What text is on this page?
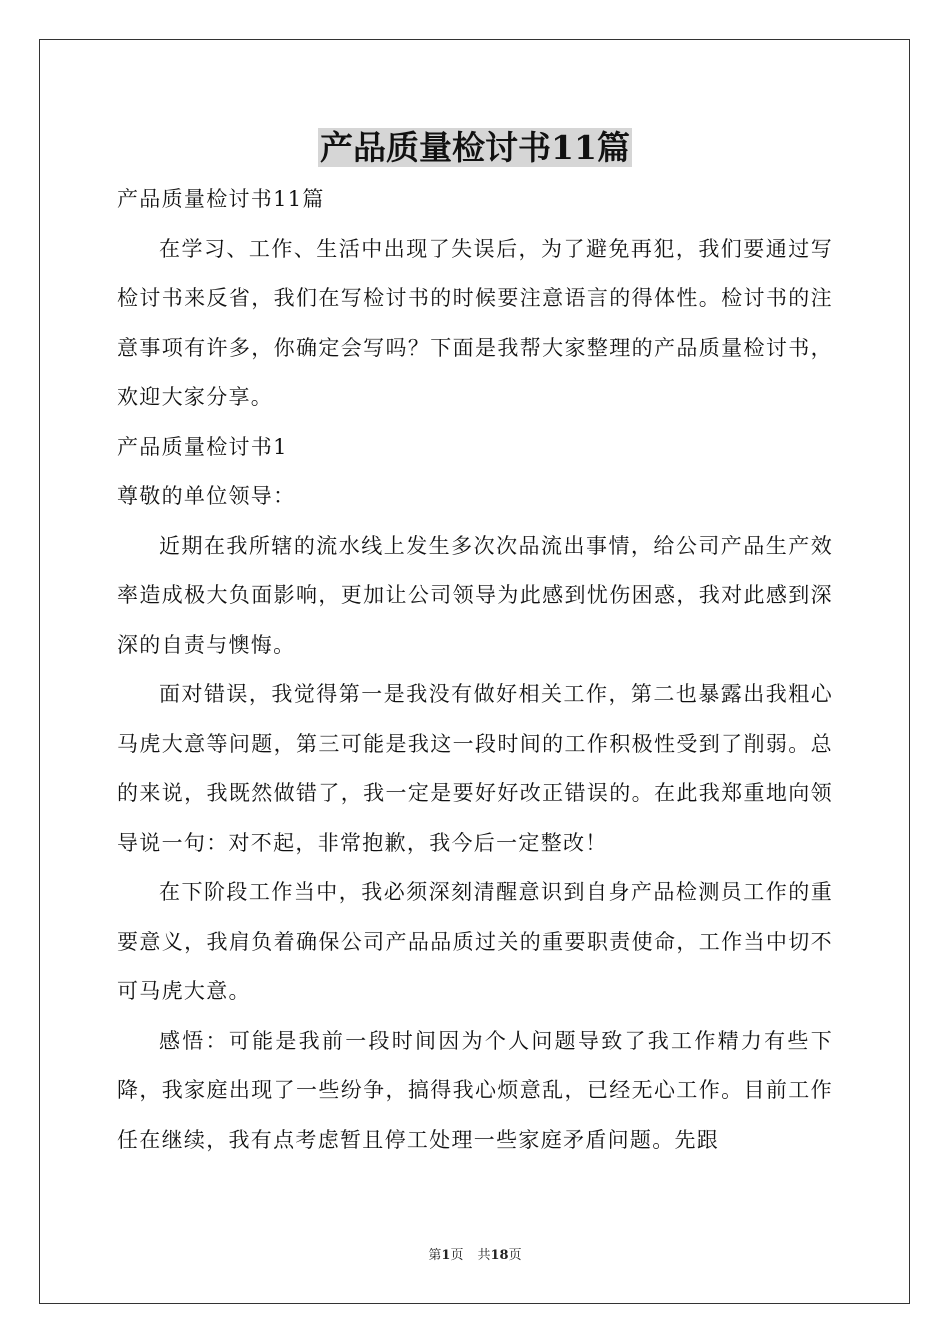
产品质量检讨书11篇

产品质量检讨书11篇

在学习、工作、生活中出现了失误后，为了避免再犯，我们要通过写检讨书来反省，我们在写检讨书的时候要注意语言的得体性。检讨书的注意事项有许多，你确定会写吗？下面是我帮大家整理的产品质量检讨书，欢迎大家分享。

产品质量检讨书1

尊敬的单位领导：

近期在我所辖的流水线上发生多次次品流出事情，给公司产品生产效率造成极大负面影响，更加让公司领导为此感到忧伤困惑，我对此感到深深的自责与懊悔。

面对错误，我觉得第一是我没有做好相关工作，第二也暴露出我粗心马虎大意等问题，第三可能是我这一段时间的工作积极性受到了削弱。总的来说，我既然做错了，我一定是要好好改正错误的。在此我郑重地向领导说一句：对不起，非常抱歉，我今后一定整改！

在下阶段工作当中，我必须深刻清醒意识到自身产品检测员工作的重要意义，我肩负着确保公司产品品质过关的重要职责使命，工作当中切不可马虎大意。

感悟：可能是我前一段时间因为个人问题导致了我工作精力有些下降，我家庭出现了一些纷争，搞得我心烦意乱，已经无心工作。目前工作任在继续，我有点考虑暂且停工处理一些家庭矛盾问题。先跟

第1页 共18页
